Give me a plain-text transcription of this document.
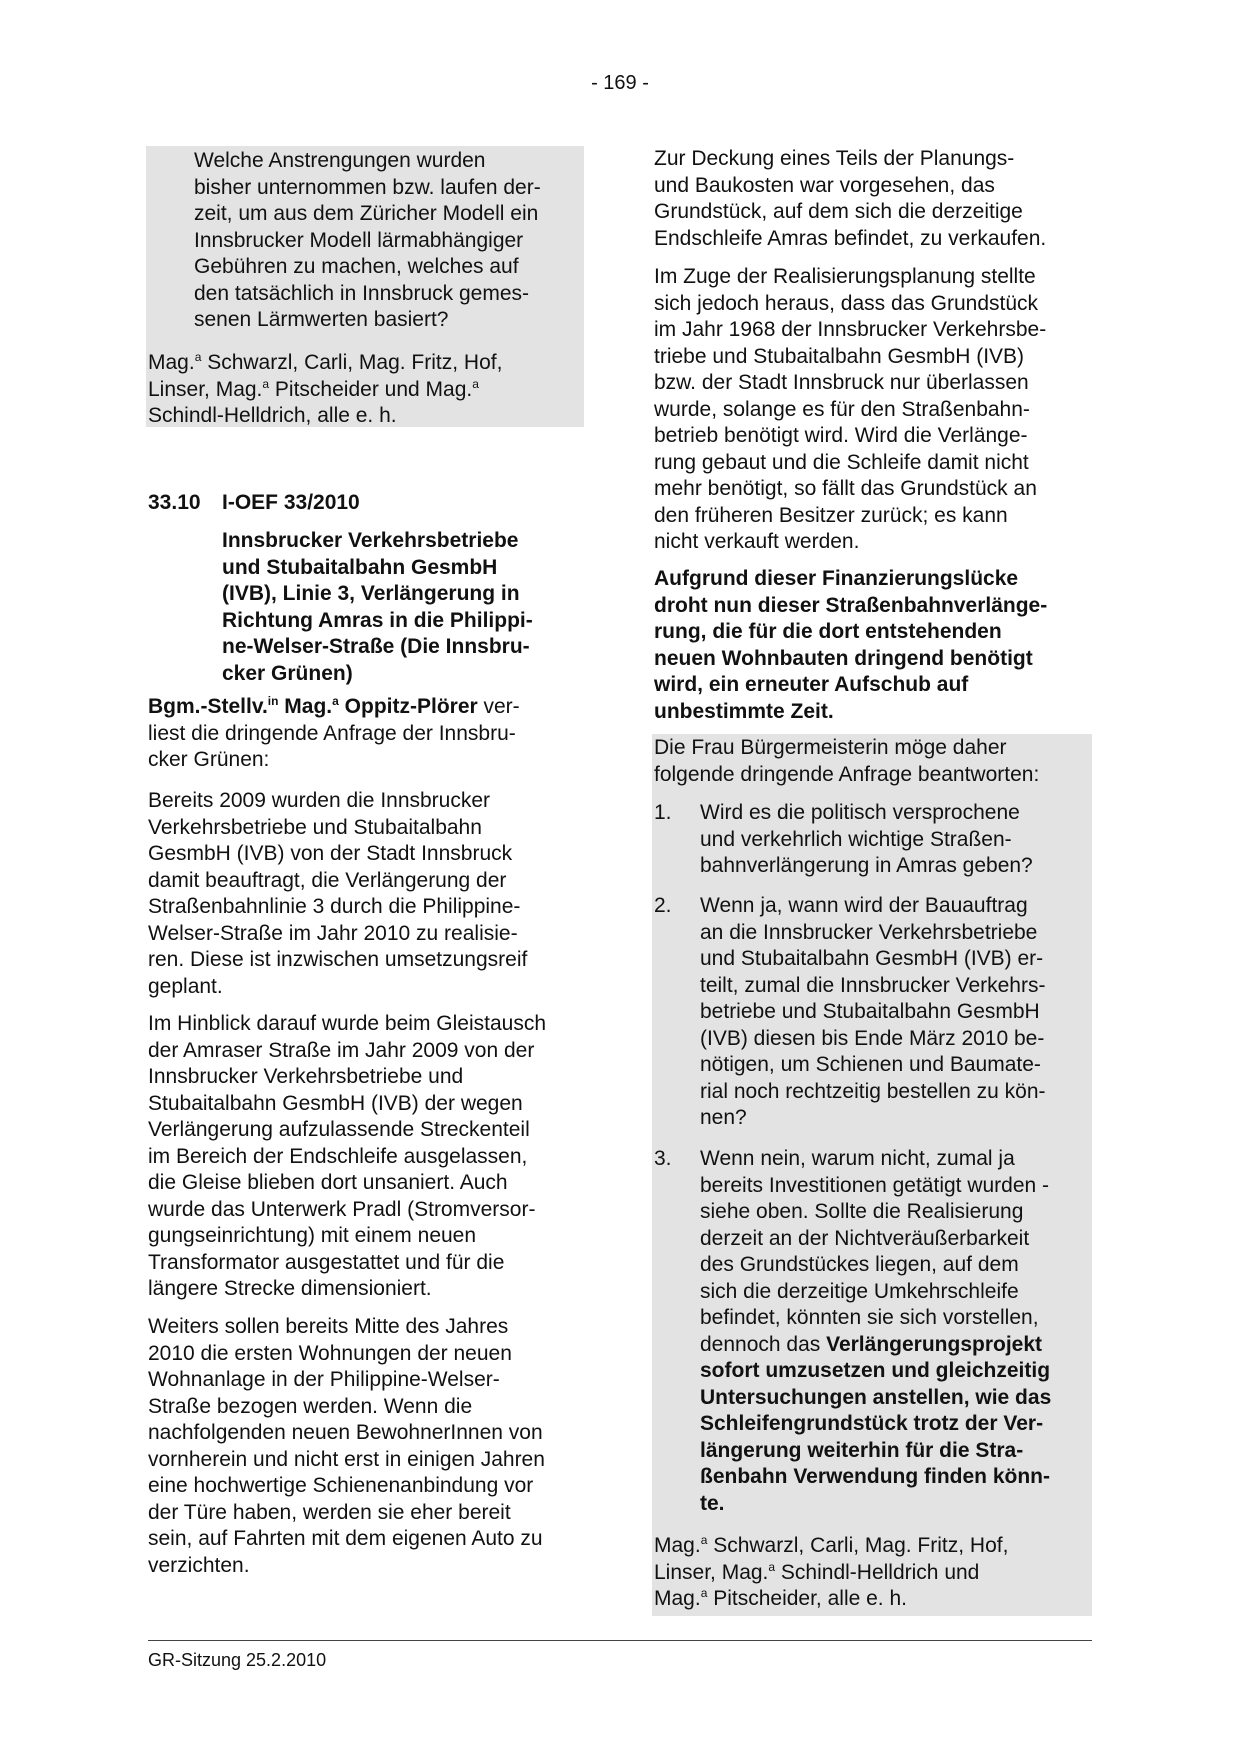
- 169 -
Welche Anstrengungen wurden
bisher unternommen bzw. laufen der-
zeit, um aus dem Züricher Modell ein
Innsbrucker Modell lärmabhängiger
Gebühren zu machen, welches auf
den tatsächlich in Innsbruck gemes-
senen Lärmwerten basiert?
Mag.$^a$ Schwarzl, Carli, Mag. Fritz, Hof,
Linser, Mag.$^a$ Pitscheider und Mag.$^a$
Schindl-Helldrich, alle e. h.
33.10 I-OEF 33/2010
Innsbrucker Verkehrsbetriebe
und Stubaitalbahn GesmbH
(IVB), Linie 3, Verlängerung in
Richtung Amras in die Philippi-
ne-Welser-Straße (Die Innsbru-
cker Grünen)
Bgm.-Stellv.$^{in}$ Mag.$^a$ Oppitz-Plörer ver-
liest die dringende Anfrage der Innsbru-
cker Grünen:
Bereits 2009 wurden die Innsbrucker
Verkehrsbetriebe und Stubaitalbahn
GesmbH (IVB) von der Stadt Innsbruck
damit beauftragt, die Verlängerung der
Straßenbahnlinie 3 durch die Philippine-
Welser-Straße im Jahr 2010 zu realisie-
ren. Diese ist inzwischen umsetzungsreif
geplant.
Im Hinblick darauf wurde beim Gleistausch
der Amraser Straße im Jahr 2009 von der
Innsbrucker Verkehrsbetriebe und
Stubaitalbahn GesmbH (IVB) der wegen
Verlängerung aufzulassende Streckenteil
im Bereich der Endschleife ausgelassen,
die Gleise blieben dort unsaniert. Auch
wurde das Unterwerk Pradl (Stromversor-
gungseinrichtung) mit einem neuen
Transformator ausgestattet und für die
längere Strecke dimensioniert.
Weiters sollen bereits Mitte des Jahres
2010 die ersten Wohnungen der neuen
Wohnanlage in der Philippine-Welser-
Straße bezogen werden. Wenn die
nachfolgenden neuen BewohnerInnen von
vornherein und nicht erst in einigen Jahren
eine hochwertige Schienenanbindung vor
der Türe haben, werden sie eher bereit
sein, auf Fahrten mit dem eigenen Auto zu
verzichten.
Zur Deckung eines Teils der Planungs-
und Baukosten war vorgesehen, das
Grundstück, auf dem sich die derzeitige
Endschleife Amras befindet, zu verkaufen.
Im Zuge der Realisierungsplanung stellte
sich jedoch heraus, dass das Grundstück
im Jahr 1968 der Innsbrucker Verkehrsbe-
triebe und Stubaitalbahn GesmbH (IVB)
bzw. der Stadt Innsbruck nur überlassen
wurde, solange es für den Straßenbahn-
betrieb benötigt wird. Wird die Verlänge-
rung gebaut und die Schleife damit nicht
mehr benötigt, so fällt das Grundstück an
den früheren Besitzer zurück; es kann
nicht verkauft werden.
Aufgrund dieser Finanzierungslücke
droht nun dieser Straßenbahnverlänge-
rung, die für die dort entstehenden
neuen Wohnbauten dringend benötigt
wird, ein erneuter Aufschub auf
unbestimmte Zeit.
Die Frau Bürgermeisterin möge daher
folgende dringende Anfrage beantworten:
1. Wird es die politisch versprochene
und verkehrlich wichtige Straßen-
bahnverlängerung in Amras geben?
2. Wenn ja, wann wird der Bauauftrag
an die Innsbrucker Verkehrsbetriebe
und Stubaitalbahn GesmbH (IVB) er-
teilt, zumal die Innsbrucker Verkehrs-
betriebe und Stubaitalbahn GesmbH
(IVB) diesen bis Ende März 2010 be-
nötigen, um Schienen und Baumate-
rial noch rechtzeitig bestellen zu kön-
nen?
3. Wenn nein, warum nicht, zumal ja
bereits Investitionen getätigt wurden -
siehe oben. Sollte die Realisierung
derzeit an der Nichtveräußerbarkeit
des Grundstückes liegen, auf dem
sich die derzeitige Umkehrschleife
befindet, könnten sie sich vorstellen,
dennoch das Verlängerungsprojekt
sofort umzusetzen und gleichzeitig
Untersuchungen anstellen, wie das
Schleifengrundstück trotz der Ver-
längerung weiterhin für die Stra-
ßenbahn Verwendung finden könn-
te.
Mag.$^a$ Schwarzl, Carli, Mag. Fritz, Hof,
Linser, Mag.$^a$ Schindl-Helldrich und
Mag.$^a$ Pitscheider, alle e. h.
GR-Sitzung 25.2.2010
